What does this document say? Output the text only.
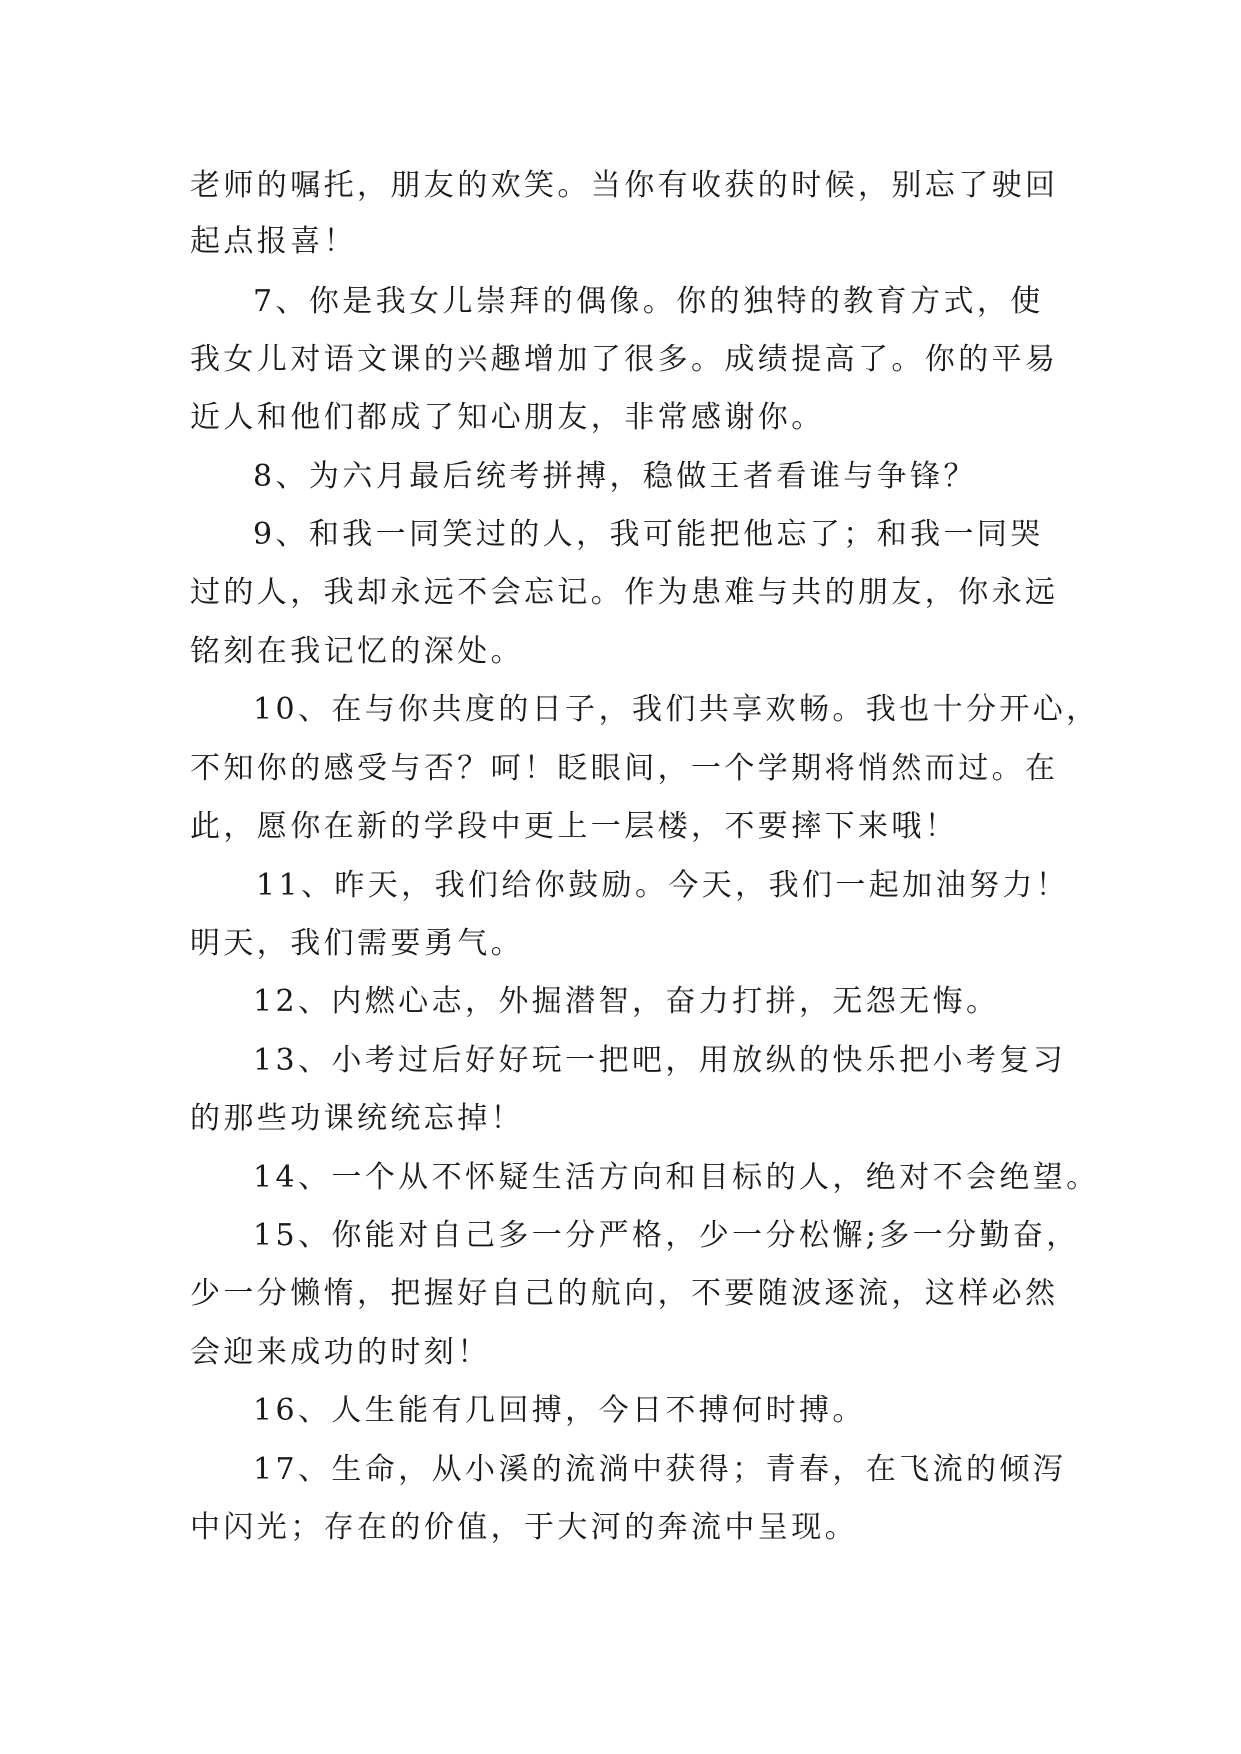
老师的嘱托，朋友的欢笑。当你有收获的时候，别忘了驶回
起点报喜！
7、你是我女儿崇拜的偶像。你的独特的教育方式，使
我女儿对语文课的兴趣增加了很多。成绩提高了。你的平易
近人和他们都成了知心朋友，非常感谢你。
8、为六月最后统考拼搏，稳做王者看谁与争锋？
9、和我一同笑过的人，我可能把他忘了；和我一同哭
过的人，我却永远不会忘记。作为患难与共的朋友，你永远
铭刻在我记忆的深处。
10、在与你共度的日子，我们共享欢畅。我也十分开心，
不知你的感受与否？呵！眨眼间，一个学期将悄然而过。在
此，愿你在新的学段中更上一层楼，不要摔下来哦！
11、昨天，我们给你鼓励。今天，我们一起加油努力！
明天，我们需要勇气。
12、内燃心志，外掘潜智，奋力打拼，无怨无悔。
13、小考过后好好玩一把吧，用放纵的快乐把小考复习
的那些功课统统忘掉！
14、一个从不怀疑生活方向和目标的人，绝对不会绝望。
15、你能对自己多一分严格，少一分松懈;多一分勤奋，
少一分懒惰，把握好自己的航向，不要随波逐流，这样必然
会迎来成功的时刻！
16、人生能有几回搏，今日不搏何时搏。
17、生命，从小溪的流淌中获得；青春，在飞流的倾泻
中闪光；存在的价值，于大河的奔流中呈现。
